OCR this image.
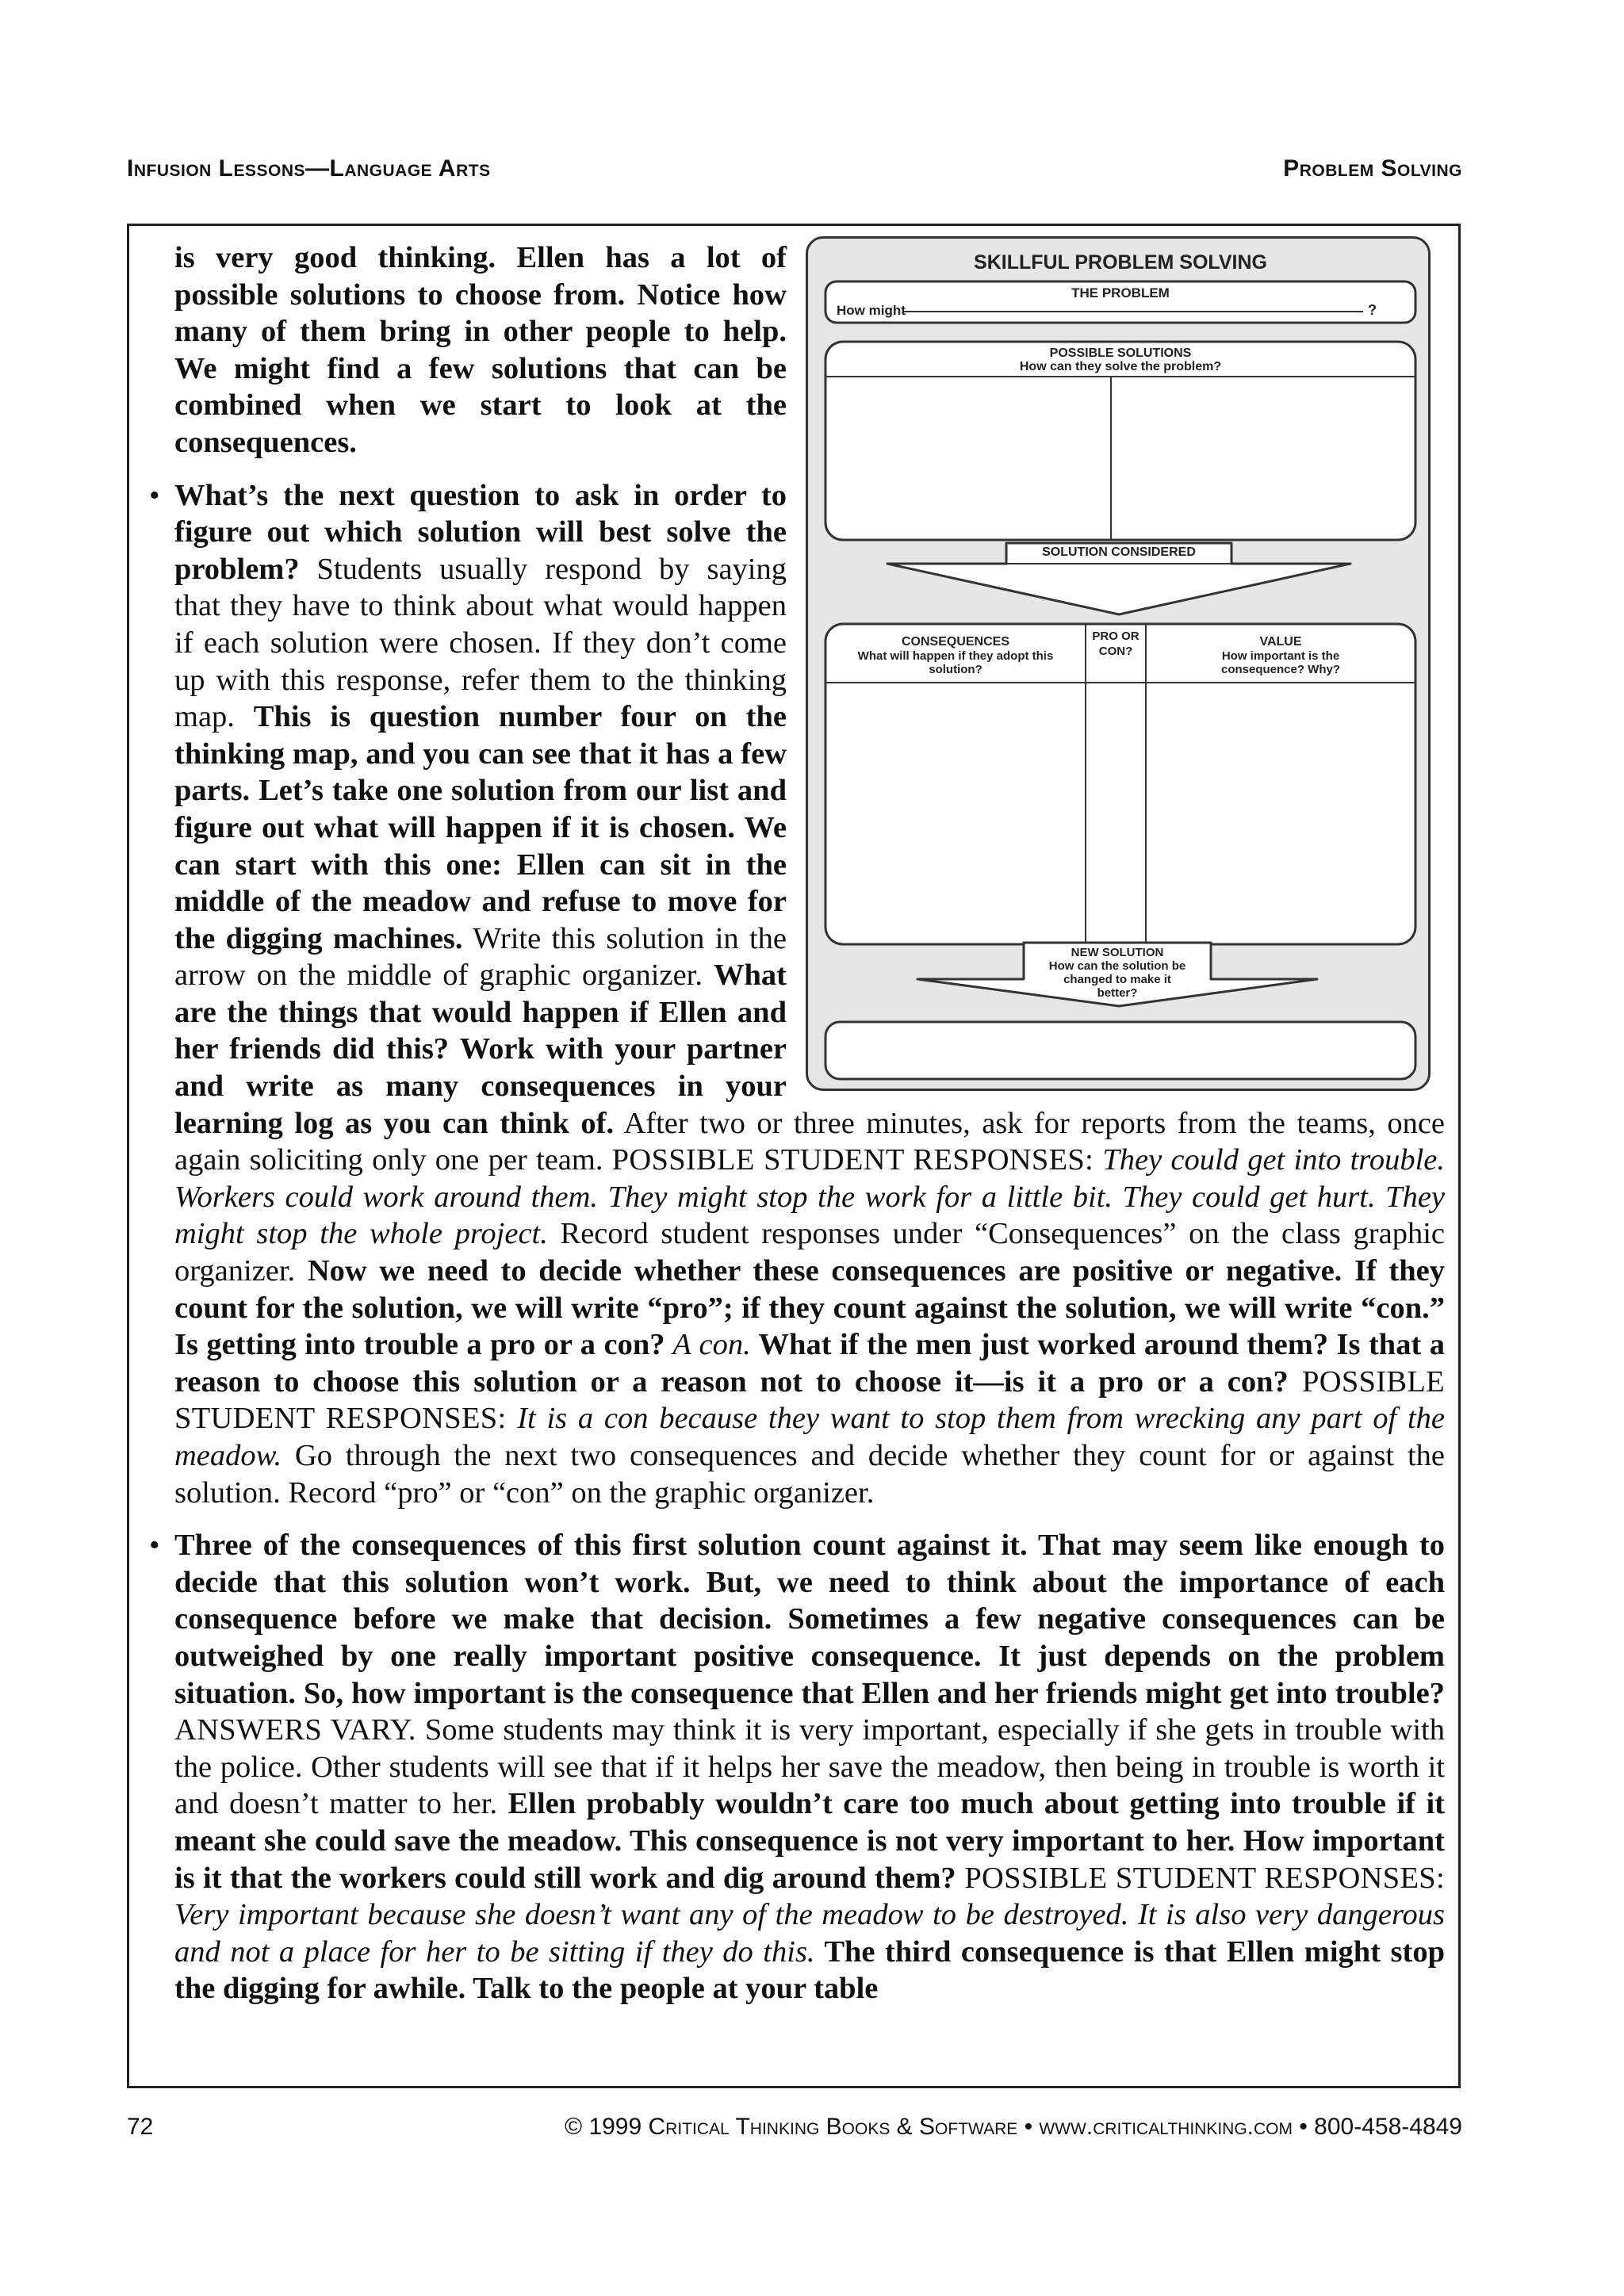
Infusion Lessons—Language Arts	Problem Solving
SKILLFUL PROBLEM SOLVING
THE PROBLEM
How might	?
POSSIBLE SOLUTIONS
How can they solve the problem?
SOLUTION CONSIDERED
CONSEQUENCES
What will happen if they adopt this solution?
PRO OR CON?
VALUE
How important is the consequence? Why?
NEW SOLUTION
How can the solution be changed to make it better?

is very good thinking. Ellen has a lot of possible solutions to choose from. Notice how many of them bring in other people to help. We might find a few solutions that can be combined when we start to look at the consequences.

• What’s the next question to ask in order to figure out which solution will best solve the problem? Students usually respond by saying that they have to think about what would happen if each solution were chosen. If they don’t come up with this response, refer them to the thinking map. This is question number four on the thinking map, and you can see that it has a few parts. Let’s take one solution from our list and figure out what will happen if it is chosen. We can start with this one: Ellen can sit in the middle of the meadow and refuse to move for the digging machines. Write this solution in the arrow on the middle of graphic organizer. What are the things that would happen if Ellen and her friends did this? Work with your partner and write as many consequences in your learning log as you can think of. After two or three minutes, ask for reports from the teams, once again soliciting only one per team. POSSIBLE STUDENT RESPONSES: They could get into trouble. Workers could work around them. They might stop the work for a little bit. They could get hurt. They might stop the whole project. Record student responses under “Consequences” on the class graphic organizer. Now we need to decide whether these consequences are positive or negative. If they count for the solution, we will write “pro”; if they count against the solution, we will write “con.” Is getting into trouble a pro or a con? A con. What if the men just worked around them? Is that a reason to choose this solution or a reason not to choose it—is it a pro or a con? POSSIBLE STUDENT RESPONSES: It is a con because they want to stop them from wrecking any part of the meadow. Go through the next two consequences and decide whether they count for or against the solution. Record “pro” or “con” on the graphic organizer.

• Three of the consequences of this first solution count against it. That may seem like enough to decide that this solution won’t work. But, we need to think about the importance of each consequence before we make that decision. Sometimes a few negative consequences can be outweighed by one really important positive consequence. It just depends on the problem situation. So, how important is the consequence that Ellen and her friends might get into trouble? ANSWERS VARY. Some students may think it is very important, especially if she gets in trouble with the police. Other students will see that if it helps her save the meadow, then being in trouble is worth it and doesn’t matter to her. Ellen probably wouldn’t care too much about getting into trouble if it meant she could save the meadow. This consequence is not very important to her. How important is it that the workers could still work and dig around them? POSSIBLE STUDENT RESPONSES: Very important because she doesn’t want any of the meadow to be destroyed. It is also very dangerous and not a place for her to be sitting if they do this. The third consequence is that Ellen might stop the digging for awhile. Talk to the people at your table

72	© 1999 Critical Thinking Books & Software • www.criticalthinking.com • 800-458-4849
